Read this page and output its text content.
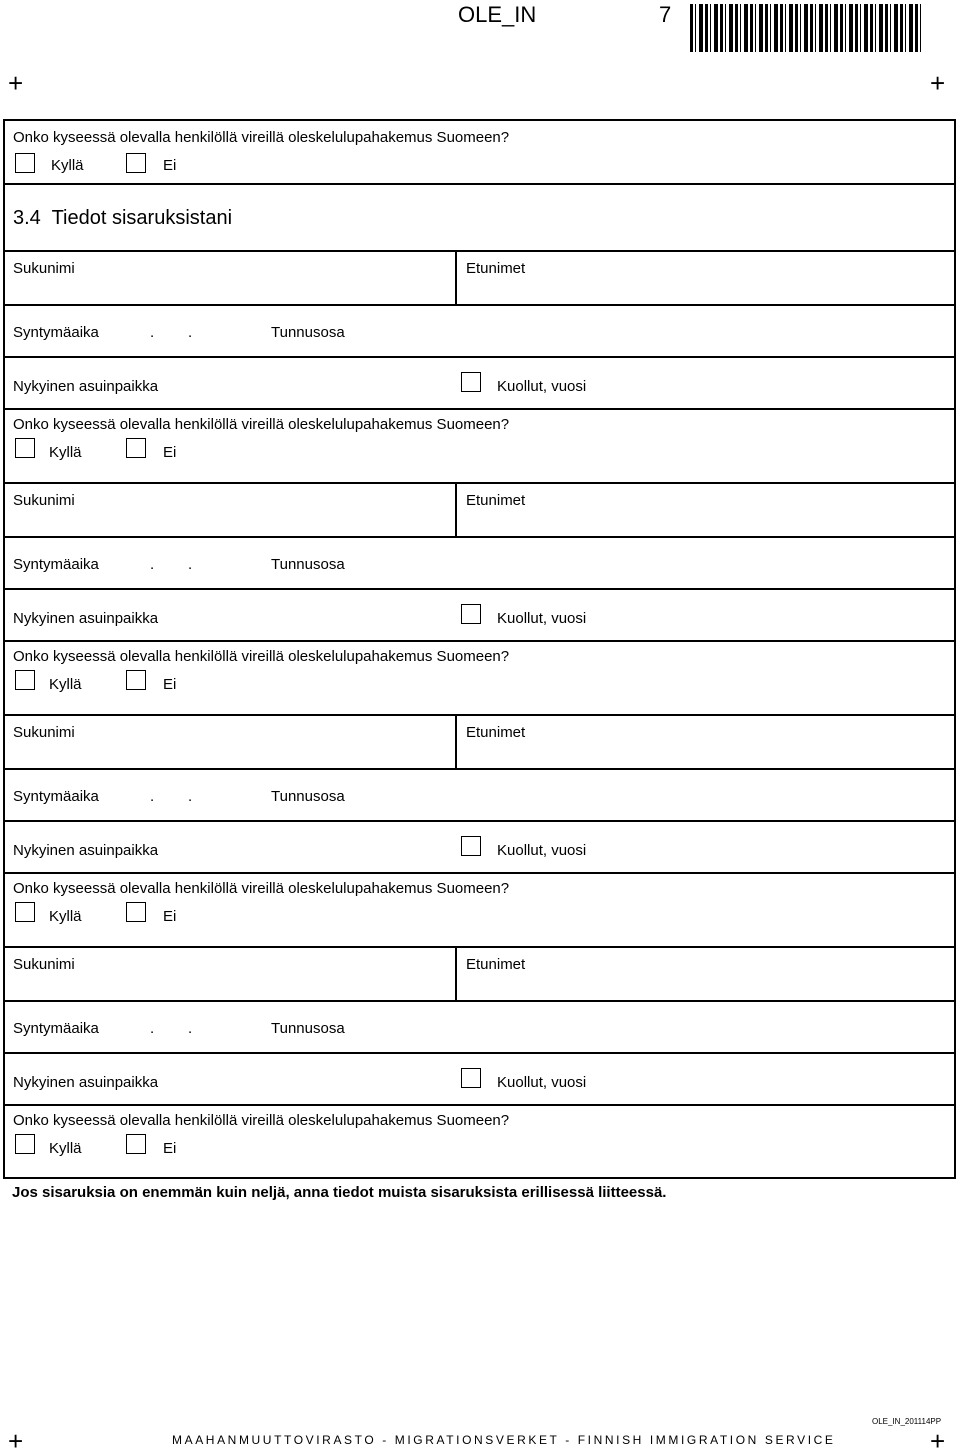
OLE_IN	7
+	+
Onko kyseessä olevalla henkilöllä vireillä oleskelulupahakemus Suomeen?
Kyllä	Ei
3.4 Tiedot sisaruksistani
Sukunimi	Etunimet
Syntymäaika	. .	Tunnusosa
Nykyinen asuinpaikka	Kuollut, vuosi
Onko kyseessä olevalla henkilöllä vireillä oleskelulupahakemus Suomeen?
Kyllä	Ei
Sukunimi	Etunimet
Syntymäaika	. .	Tunnusosa
Nykyinen asuinpaikka	Kuollut, vuosi
Onko kyseessä olevalla henkilöllä vireillä oleskelulupahakemus Suomeen?
Kyllä	Ei
Sukunimi	Etunimet
Syntymäaika	. .	Tunnusosa
Nykyinen asuinpaikka	Kuollut, vuosi
Onko kyseessä olevalla henkilöllä vireillä oleskelulupahakemus Suomeen?
Kyllä	Ei
Sukunimi	Etunimet
Syntymäaika	. .	Tunnusosa
Nykyinen asuinpaikka	Kuollut, vuosi
Onko kyseessä olevalla henkilöllä vireillä oleskelulupahakemus Suomeen?
Kyllä	Ei
Jos sisaruksia on enemmän kuin neljä, anna tiedot muista sisaruksista erillisessä liitteessä.
OLE_IN_201114PP
MAAHANMUUTTOVIRASTO - MIGRATIONSVERKET - FINNISH IMMIGRATION SERVICE
+	+
